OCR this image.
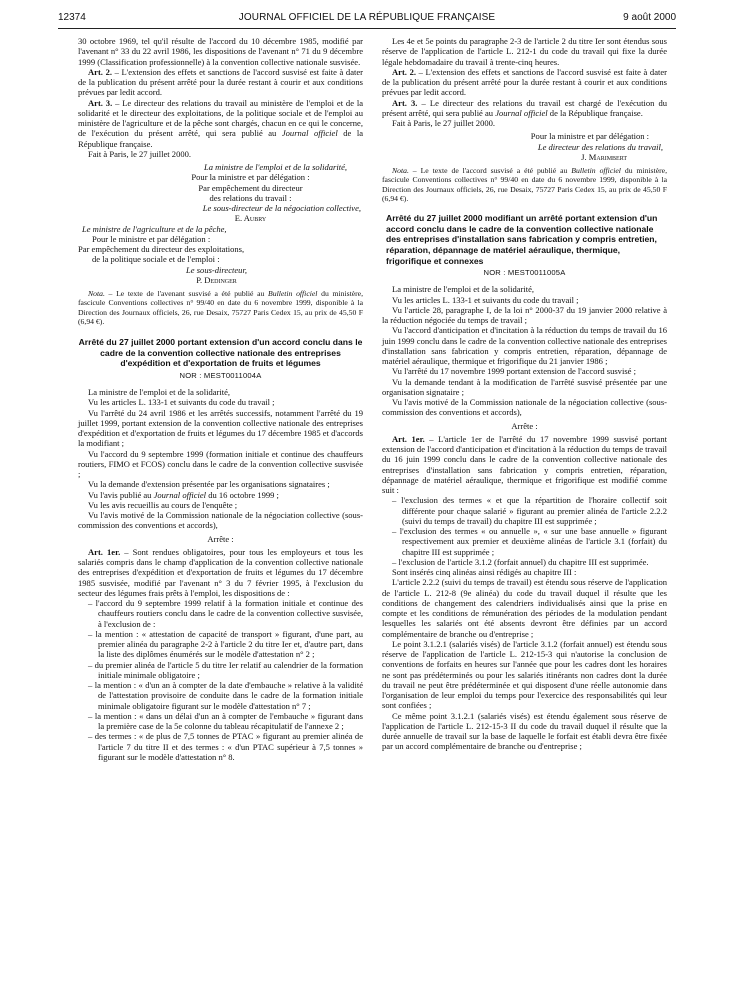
12374	JOURNAL OFFICIEL DE LA RÉPUBLIQUE FRANÇAISE	9 août 2000

30 octobre 1969, tel qu'il résulte de l'accord du 10 décembre 1985, modifié par l'avenant n° 33 du 22 avril 1986, les dispositions de l'avenant n° 71 du 9 décembre 1999 (Classification professionnelle) à la convention collective nationale susvisée.

Art. 2. – L'extension des effets et sanctions de l'accord susvisé est faite à dater de la publication du présent arrêté pour la durée restant à courir et aux conditions prévues par ledit accord.

Art. 3. – Le directeur des relations du travail au ministère de l'emploi et de la solidarité et le directeur des exploitations, de la politique sociale et de l'emploi au ministère de l'agriculture et de la pêche sont chargés, chacun en ce qui le concerne, de l'exécution du présent arrêté, qui sera publié au Journal officiel de la République française.

Fait à Paris, le 27 juillet 2000.

La ministre de l'emploi et de la solidarité,

Pour la ministre et par délégation :

Par empêchement du directeur

des relations du travail :

Le sous-directeur de la négociation collective,

E. Aubry

Le ministre de l'agriculture et de la pêche,

Pour le ministre et par délégation :

Par empêchement du directeur des exploitations,

de la politique sociale et de l'emploi :

Le sous-directeur,

P. Dedinger

Nota. – Le texte de l'avenant susvisé a été publié au Bulletin officiel du ministère, fascicule Conventions collectives n° 99/40 en date du 6 novembre 1999, disponible à la Direction des Journaux officiels, 26, rue Desaix, 75727 Paris Cedex 15, au prix de 45,50 F (6,94 €).

Arrêté du 27 juillet 2000 portant extension d'un accord conclu dans le cadre de la convention collective nationale des entreprises d'expédition et d'exportation de fruits et légumes

NOR : MESТ0011004A

La ministre de l'emploi et de la solidarité,

Vu les articles L. 133-1 et suivants du code du travail ;

Vu l'arrêté du 24 avril 1986 et les arrêtés successifs, notamment l'arrêté du 19 juillet 1999, portant extension de la convention collective nationale des entreprises d'expédition et d'exportation de fruits et légumes du 17 décembre 1985 et d'accords la modifiant ;

Vu l'accord du 9 septembre 1999 (formation initiale et continue des chauffeurs routiers, FIMO et FCOS) conclu dans le cadre de la convention collective susvisée ;

Vu la demande d'extension présentée par les organisations signataires ;

Vu l'avis publié au Journal officiel du 16 octobre 1999 ;

Vu les avis recueillis au cours de l'enquête ;

Vu l'avis motivé de la Commission nationale de la négociation collective (sous-commission des conventions et accords),

Arrête :

Art. 1er. – Sont rendues obligatoires, pour tous les employeurs et tous les salariés compris dans le champ d'application de la convention collective nationale des entreprises d'expédition et d'exportation de fruits et légumes du 17 décembre 1985 susvisée, modifié par l'avenant n° 3 du 7 février 1995, à l'exclusion du secteur des légumes frais prêts à l'emploi, les dispositions de :

– l'accord du 9 septembre 1999 relatif à la formation initiale et continue des chauffeurs routiers conclu dans le cadre de la convention collective susvisée, à l'exclusion de :

– la mention : « attestation de capacité de transport » figurant, d'une part, au premier alinéa du paragraphe 2-2 à l'article 2 du titre Ier et, d'autre part, dans la liste des diplômes énumérés sur le modèle d'attestation n° 2 ;

– du premier alinéa de l'article 5 du titre Ier relatif au calendrier de la formation initiale minimale obligatoire ;

– la mention : « d'un an à compter de la date d'embauche » relative à la validité de l'attestation provisoire de conduite dans le cadre de la formation initiale minimale obligatoire figurant sur le modèle d'attestation n° 7 ;

– la mention : « dans un délai d'un an à compter de l'embauche » figurant dans la première case de la 5e colonne du tableau récapitulatif de l'annexe 2 ;

– des termes : « de plus de 7,5 tonnes de PTAC » figurant au premier alinéa de l'article 7 du titre II et des termes : « d'un PTAC supérieur à 7,5 tonnes » figurant sur le modèle d'attestation n° 8.

Les 4e et 5e points du paragraphe 2-3 de l'article 2 du titre Ier sont étendus sous réserve de l'application de l'article L. 212-1 du code du travail qui fixe la durée légale hebdomadaire du travail à trente-cinq heures.

Art. 2. – L'extension des effets et sanctions de l'accord susvisé est faite à dater de la publication du présent arrêté pour la durée restant à courir et aux conditions prévues par ledit accord.

Art. 3. – Le directeur des relations du travail est chargé de l'exécution du présent arrêté, qui sera publié au Journal officiel de la République française.

Fait à Paris, le 27 juillet 2000.

Pour la ministre et par délégation :

Le directeur des relations du travail,

J. Marimbert

Nota. – Le texte de l'accord susvisé a été publié au Bulletin officiel du ministère, fascicule Conventions collectives n° 99/40 en date du 6 novembre 1999, disponible à la Direction des Journaux officiels, 26, rue Desaix, 75727 Paris Cedex 15, au prix de 45,50 F (6,94 €).

Arrêté du 27 juillet 2000 modifiant un arrêté portant extension d'un accord conclu dans le cadre de la convention collective nationale des entreprises d'installation sans fabrication y compris entretien, réparation, dépannage de matériel aéraulique, thermique, frigorifique et connexes

NOR : MESТ0011005A

La ministre de l'emploi et de la solidarité,

Vu les articles L. 133-1 et suivants du code du travail ;

Vu l'article 28, paragraphe I, de la loi n° 2000-37 du 19 janvier 2000 relative à la réduction négociée du temps de travail ;

Vu l'accord d'anticipation et d'incitation à la réduction du temps de travail du 16 juin 1999 conclu dans le cadre de la convention collective nationale des entreprises d'installation sans fabrication y compris entretien, réparation, dépannage de matériel aéraulique, thermique et frigorifique du 21 janvier 1986 ;

Vu l'arrêté du 17 novembre 1999 portant extension de l'accord susvisé ;

Vu la demande tendant à la modification de l'arrêté susvisé présentée par une organisation signataire ;

Vu l'avis motivé de la Commission nationale de la négociation collective (sous-commission des conventions et accords),

Arrête :

Art. 1er. – L'article 1er de l'arrêté du 17 novembre 1999 susvisé portant extension de l'accord d'anticipation et d'incitation à la réduction du temps de travail du 16 juin 1999 conclu dans le cadre de la convention collective nationale des entreprises d'installation sans fabrication y compris entretien, réparation, dépannage de matériel aéraulique, thermique et frigorifique est modifié comme suit :

– l'exclusion des termes « et que la répartition de l'horaire collectif soit différente pour chaque salarié » figurant au premier alinéa de l'article 2.2.2 (suivi du temps de travail) du chapitre III est supprimée ;

– l'exclusion des termes « ou annuelle », « sur une base annuelle » figurant respectivement aux premier et deuxième alinéas de l'article 3.1 (forfait) du chapitre III est supprimée ;

– l'exclusion de l'article 3.1.2 (forfait annuel) du chapitre III est supprimée.

Sont insérés cinq alinéas ainsi rédigés au chapitre III :

L'article 2.2.2 (suivi du temps de travail) est étendu sous réserve de l'application de l'article L. 212-8 (9e alinéa) du code du travail duquel il résulte que les conditions de changement des calendriers individualisés ainsi que la prise en compte et les conditions de rémunération des périodes de la modulation pendant lesquelles les salariés ont été absents devront être définies par un accord complémentaire de branche ou d'entreprise ;

Le point 3.1.2.1 (salariés visés) de l'article 3.1.2 (forfait annuel) est étendu sous réserve de l'application de l'article L. 212-15-3 qui n'autorise la conclusion de conventions de forfaits en heures sur l'année que pour les cadres dont les horaires ne sont pas prédéterminés ou pour les salariés itinérants non cadres dont la durée du travail ne peut être prédéterminée et qui disposent d'une réelle autonomie dans l'organisation de leur emploi du temps pour l'exercice des responsabilités qui leur sont confiées ;

Ce même point 3.1.2.1 (salariés visés) est étendu également sous réserve de l'application de l'article L. 212-15-3 II du code du travail duquel il résulte que la durée annuelle de travail sur la base de laquelle le forfait est établi devra être fixée par un accord complémentaire de branche ou d'entreprise ;
